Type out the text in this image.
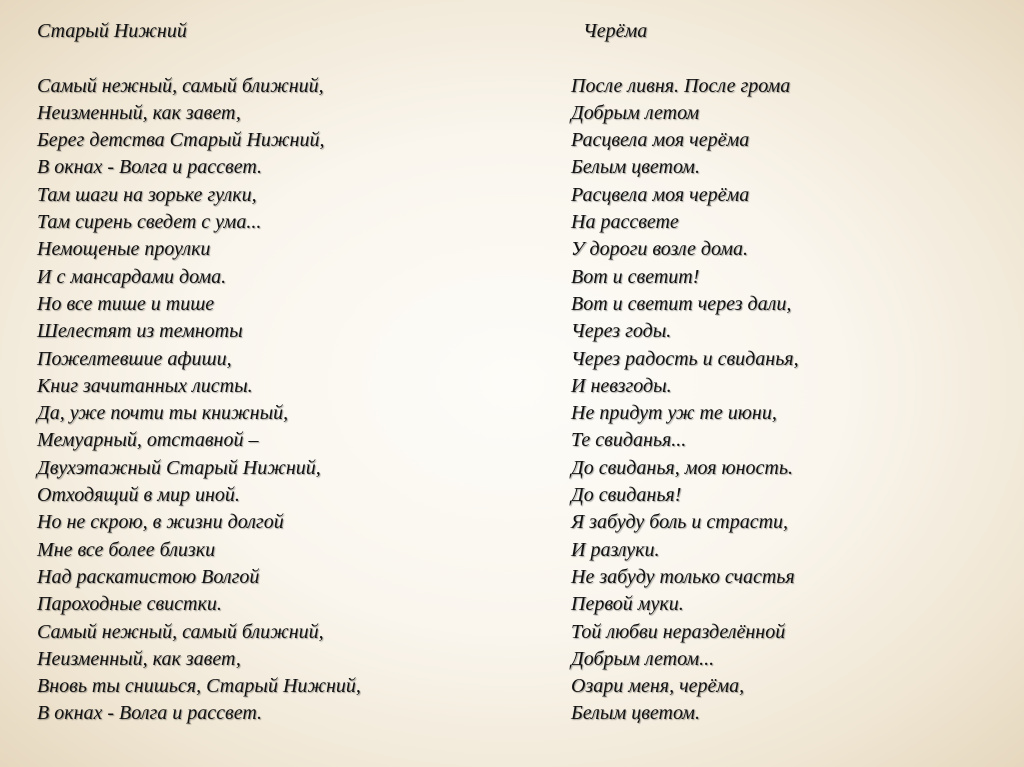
Старый Нижний
Самый нежный, самый ближний,
Неизменный, как завет,
Берег детства Старый Нижний,
В окнах - Волга и рассвет.
Там шаги на зорьке гулки,
Там сирень сведет с ума...
Немощеные проулки
И с мансардами дома.
Но все тише и тише
Шелестят из темноты
Пожелтевшие афиши,
Книг зачитанных листы.
Да, уже почти ты книжный,
Мемуарный, отставной –
Двухэтажный Старый Нижний,
Отходящий в мир иной.
Но не скрою, в жизни долгой
Мне все более близки
Над раскатистою Волгой
Пароходные свистки.
Самый нежный, самый ближний,
Неизменный, как завет,
Вновь ты снишься, Старый Нижний,
В окнах - Волга и рассвет.
Черёма
После ливня. После грома
Добрым летом
Расцвела моя черёма
Белым цветом.
Расцвела моя черёма
На рассвете
У дороги возле дома.
Вот и светит!
Вот и светит через дали,
Через годы.
Через радость и свиданья,
И невзгоды.
Не придут уж те июни,
Те свиданья...
До свиданья, моя юность.
До свиданья!
Я забуду боль и страсти,
И разлуки.
Не забуду только счастья
Первой муки.
Той любви неразделённой
Добрым летом...
Озари меня, черёма,
Белым цветом.
